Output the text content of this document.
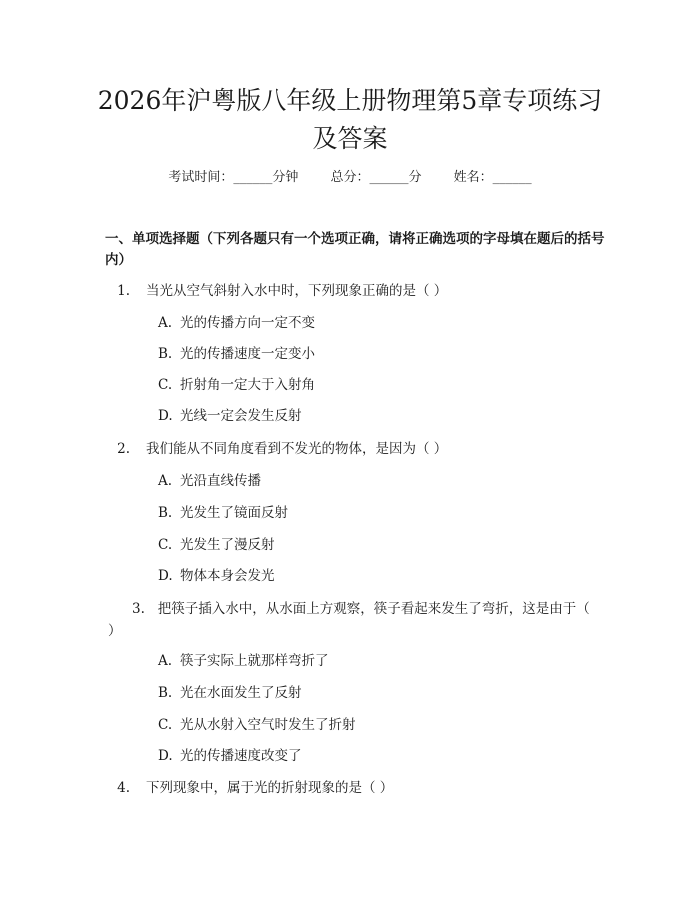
2026年沪粤版八年级上册物理第5章专项练习及答案
考试时间：______分钟 总分：______分 姓名：______
一、单项选择题（下列各题只有一个选项正确，请将正确选项的字母填在题后的括号内）

1. 当光从空气斜射入水中时，下列现象正确的是（ ）

A. 光的传播方向一定不变

B. 光的传播速度一定变小

C. 折射角一定大于入射角

D. 光线一定会发生反射

2. 我们能从不同角度看到不发光的物体，是因为（ ）

A. 光沿直线传播

B. 光发生了镜面反射

C. 光发生了漫反射

D. 物体本身会发光

3. 把筷子插入水中，从水面上方观察，筷子看起来发生了弯折，这是由于（ ）

A. 筷子实际上就那样弯折了

B. 光在水面发生了反射

C. 光从水射入空气时发生了折射

D. 光的传播速度改变了

4. 下列现象中，属于光的折射现象的是（ ）
